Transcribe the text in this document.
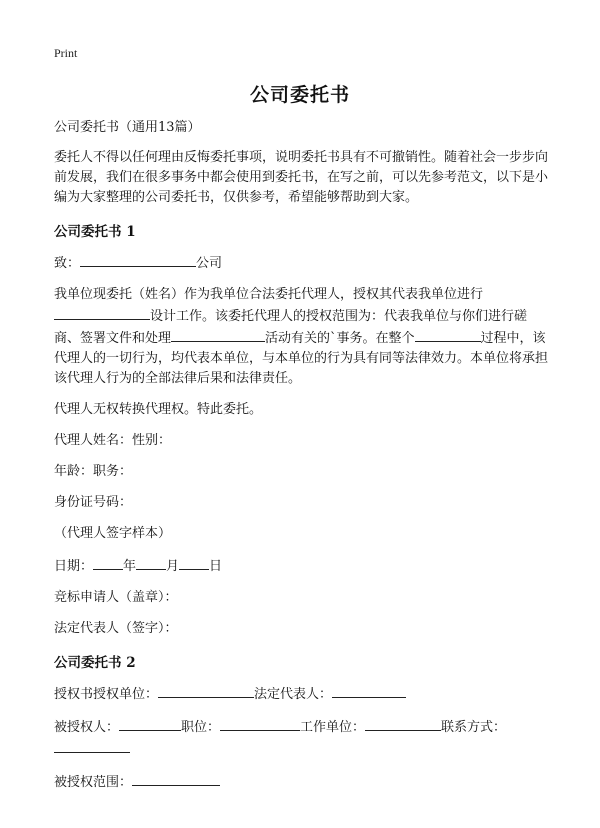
Print
公司委托书

公司委托书（通用13篇）

委托人不得以任何理由反悔委托事项，说明委托书具有不可撤销性。随着社会一步步向前发展，我们在很多事务中都会使用到委托书，在写之前，可以先参考范文，以下是小编为大家整理的公司委托书，仅供参考，希望能够帮助到大家。

公司委托书 1

致：	公司

我单位现委托（姓名）作为我单位合法委托代理人，授权其代表我单位进行
设计工作。该委托代理人的授权范围为：代表我单位与你们进行磋商、签署文件和处理	活动有关的`事务。在整个	过程中，该代理人的一切行为，均代表本单位，与本单位的行为具有同等法律效力。本单位将承担该代理人行为的全部法律后果和法律责任。

代理人无权转换代理权。特此委托。

代理人姓名：性别：

年龄：职务：

身份证号码：

（代理人签字样本）

日期： 年 月 日

竞标申请人（盖章）：

法定代表人（签字）：

公司委托书 2

授权书授权单位：	法定代表人：

被授权人：	职位：	工作单位：	联系方式：

被授权范围：
